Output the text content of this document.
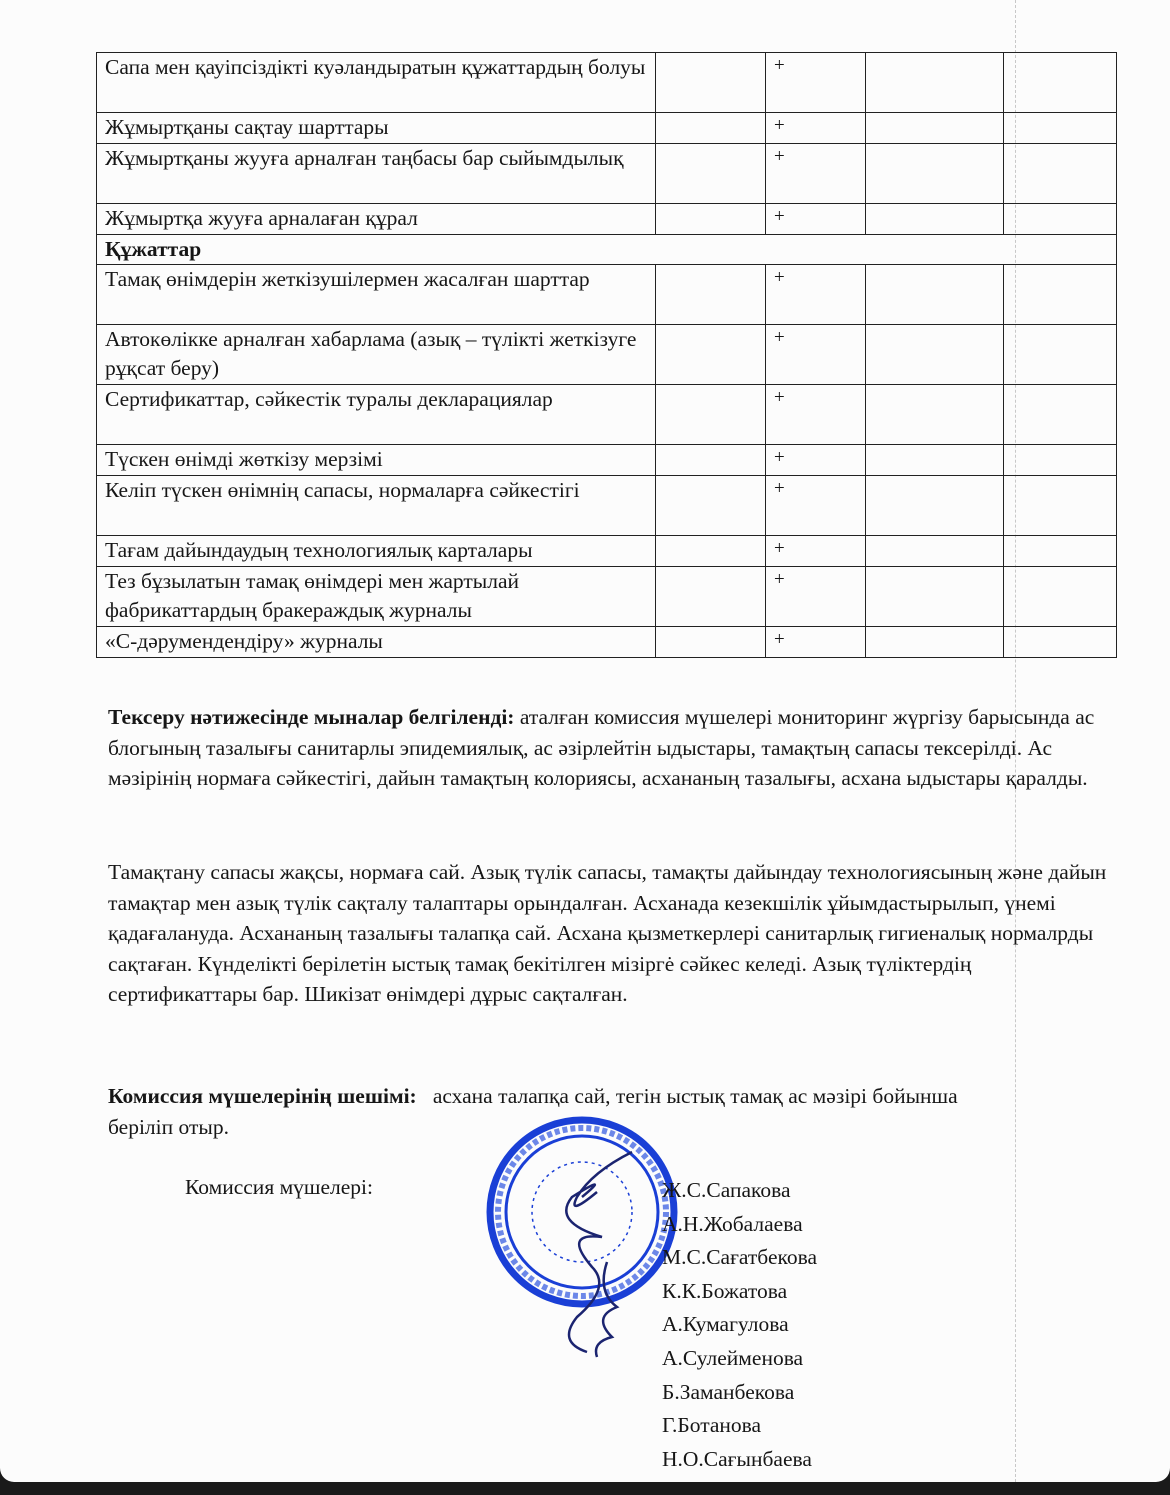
Сапа мен қауіпсіздікті куәландыратын құжаттардың болуы		+		
Жұмыртқаны сақтау шарттары		+		
Жұмыртқаны жууға арналған таңбасы бар сыйымдылық		+		
Жұмыртқа жууға арналаған құрал		+		
Құжаттар				
Тамақ өнімдерін жеткізушілермен жасалған шарттар		+		
Автокөлікке арналған хабарлама (азық – түлікті жеткізуге рұқсат беру)		+		
Сертификаттар, сәйкестік туралы декларациялар		+		
Түскен өнімді жөткізу мерзімі		+		
Келіп түскен өнімнің сапасы, нормаларға сәйкестігі		+		
Тағам дайындаудың технологиялық карталары		+		
Тез бұзылатын тамақ өнімдері мен жартылай фабрикаттардың бракераждық журналы		+		
«С-дәрумендендіру» журналы		+		

Тексеру нәтижесінде мыналар белгіленді: аталған комиссия мүшелері мониторинг жүргізу барысында ас блогының тазалығы санитарлы эпидемиялық, ас әзірлейтін ыдыстары, тамақтың сапасы тексерілді. Ас мәзірінің нормаға сәйкестігі, дайын тамақтың колориясы, асхананың тазалығы, асхана ыдыстары қаралды.

Тамақтану сапасы жақсы, нормаға сай. Азық түлік сапасы, тамақты дайындау технологиясының және дайын тамақтар мен азық түлік сақталу талаптары орындалған. Асханада кезекшілік ұйымдастырылып, үнемі қадағалануда. Асхананың тазалығы талапқа сай. Асхана қызметкерлері санитарлық гигиеналық нормалрды сақтаған. Күнделікті берілетін ыстық тамақ бекітілген мізіргė сәйкес келеді. Азық түліктердің сертификаттары бар. Шикізат өнімдері дұрыс сақталған.

Комиссия мүшелерінің шешімі:   асхана талапқа сай, тегін ыстық тамақ ас мәзірі бойынша беріліп отыр.

Комиссия мүшелері:	Ж.С.Сапакова
А.Н.Жобалаева
М.С.Сағатбекова
К.К.Божатова
А.Кумагулова
А.Сулейменова
Б.Заманбекова
Г.Ботанова
Н.О.Сағынбаева
